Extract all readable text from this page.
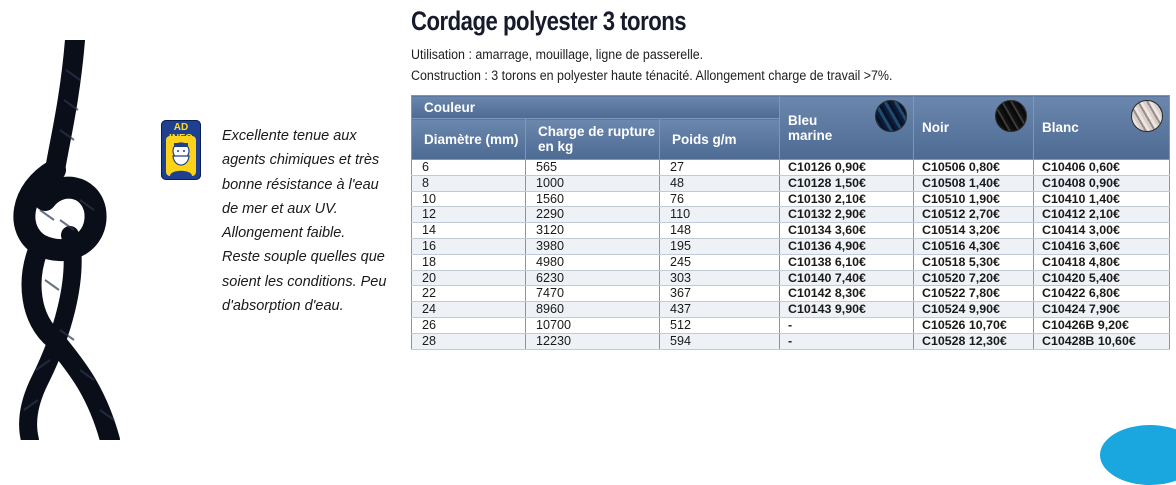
AD

Excellente tenue aux agents chimiques et très bonne résistance à l'eau de mer et aux UV. Allongement faible. Reste souple quelles que soient les conditions. Peu d'absorption d'eau.

Cordage polyester 3 torons

Utilisation : amarrage, mouillage, ligne de passerelle.

Construction : 3 torons en polyester haute ténacité. Allongement charge de travail >7%.

Couleur			Bleu marine	Noir	Blanc

Diamètre (mm)	Charge de rupture en kg	Poids g/m			
6	565	27	C10126 0,90€	C10506 0,80€	C10406 0,60€
8	1000	48	C10128 1,50€	C10508 1,40€	C10408 0,90€
10	1560	76	C10130 2,10€	C10510 1,90€	C10410 1,40€
12	2290	110	C10132 2,90€	C10512 2,70€	C10412 2,10€
14	3120	148	C10134 3,60€	C10514 3,20€	C10414 3,00€
16	3980	195	C10136 4,90€	C10516 4,30€	C10416 3,60€
18	4980	245	C10138 6,10€	C10518 5,30€	C10418 4,80€
20	6230	303	C10140 7,40€	C10520 7,20€	C10420 5,40€
22	7470	367	C10142 8,30€	C10522 7,80€	C10422 6,80€
24	8960	437	C10143 9,90€	C10524 9,90€	C10424 7,90€
26	10700	512	-	C10526 10,70€	C10426B 9,20€
28	12230	594	-	C10528 12,30€	C10428B 10,60€
